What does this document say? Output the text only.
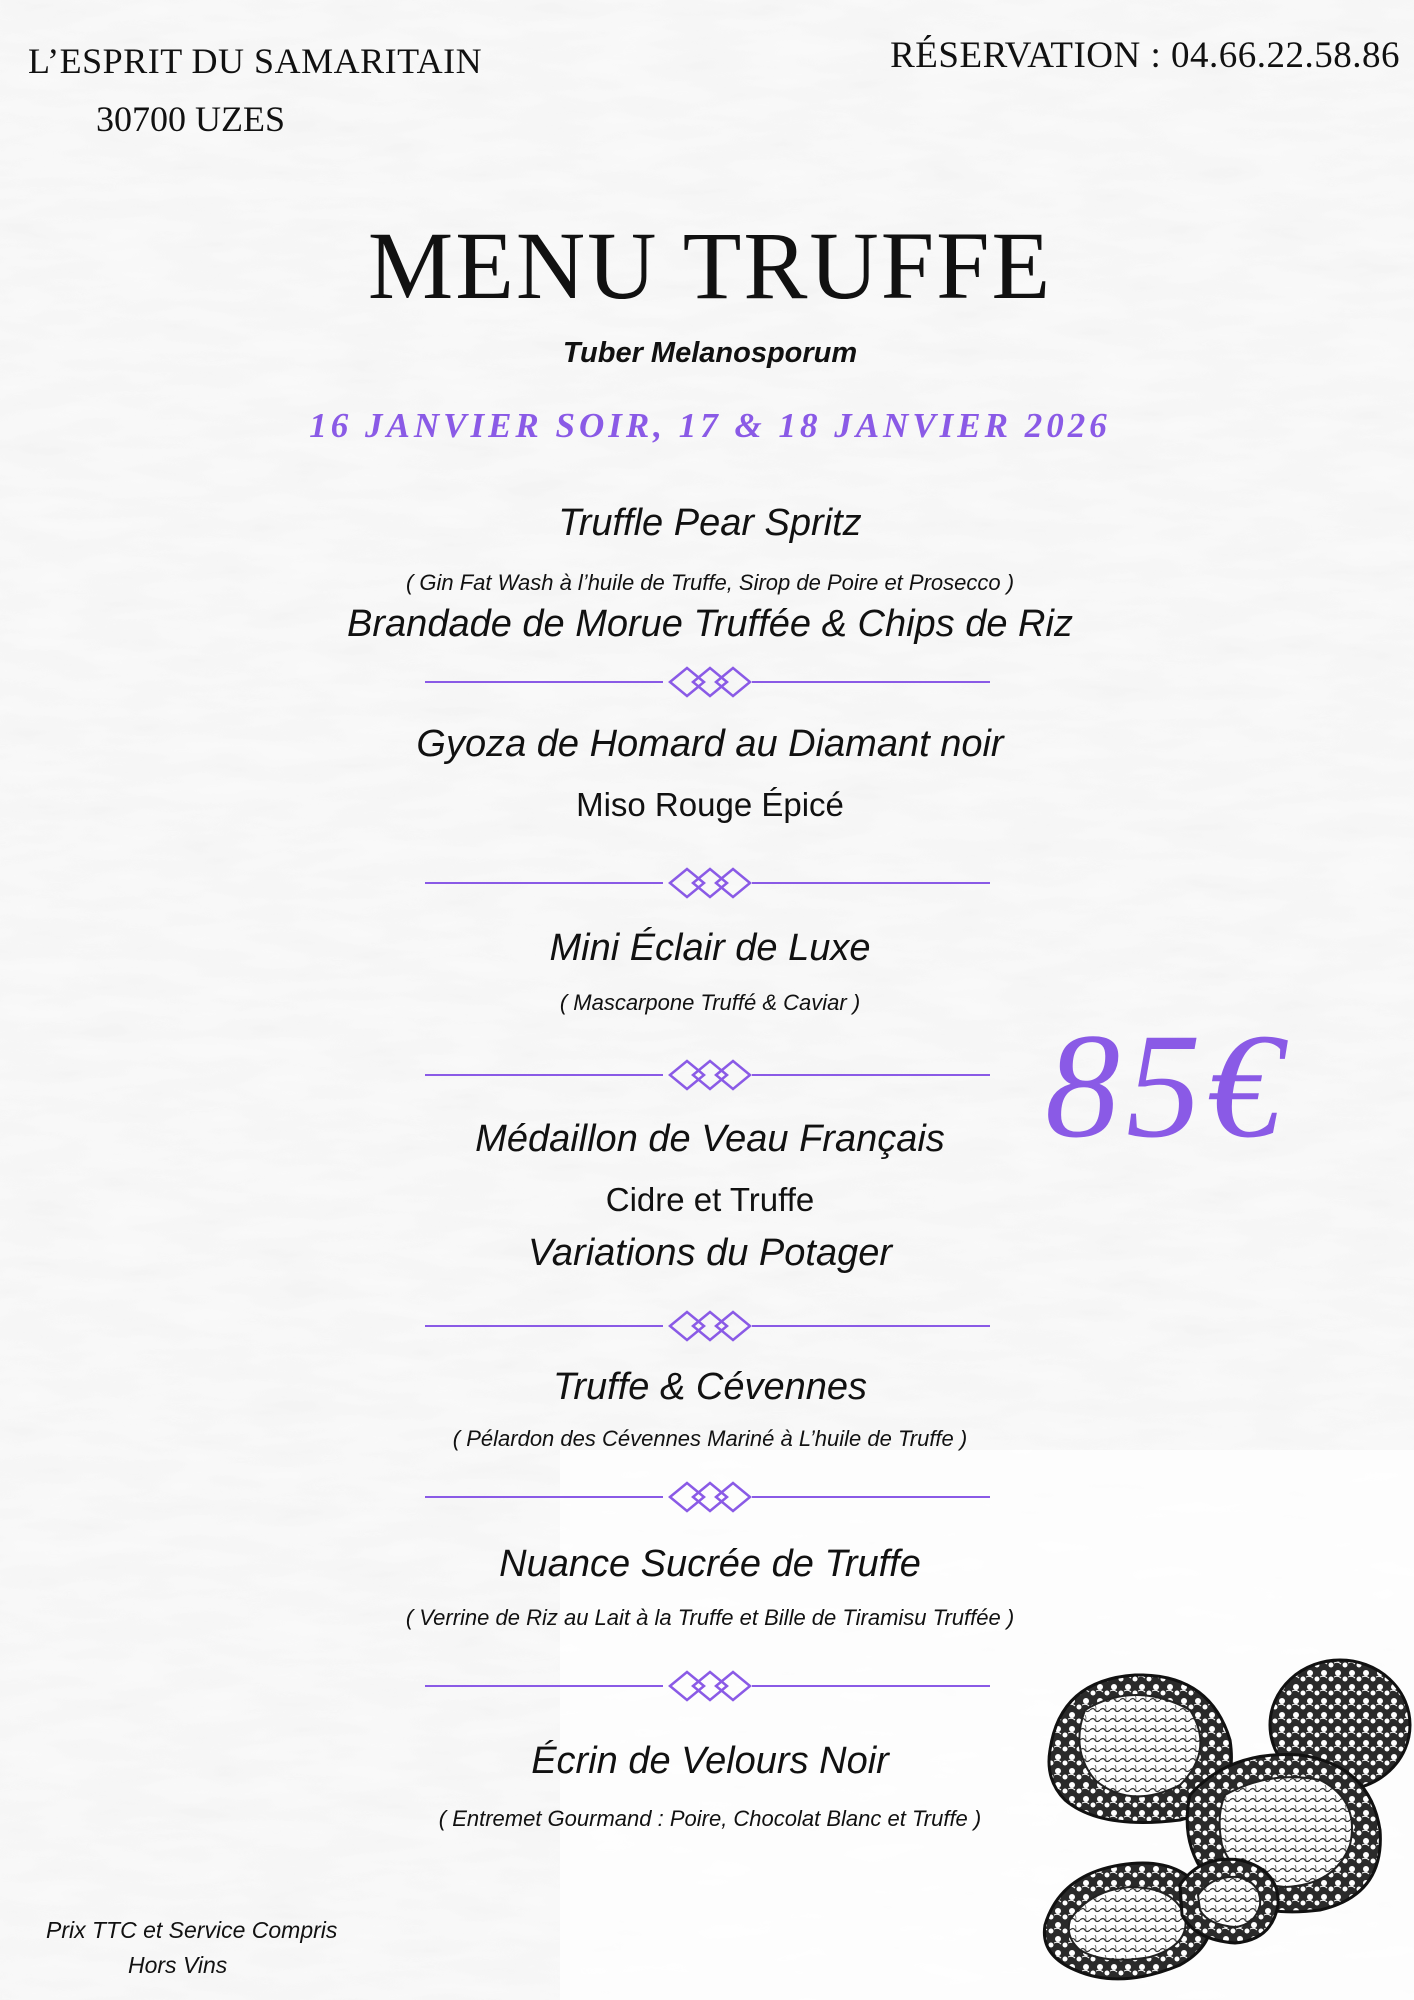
L’ESPRIT DU SAMARITAIN
30700 UZES
RÉSERVATION : 04.66.22.58.86
MENU TRUFFE
Tuber Melanosporum
16 JANVIER SOIR, 17 & 18 JANVIER 2026
Truffle Pear Spritz
( Gin Fat Wash à l’huile de Truffe, Sirop de Poire et Prosecco )
Brandade de Morue Truffée & Chips de Riz
Gyoza de Homard au Diamant noir
Miso Rouge Épicé
Mini Éclair de Luxe
( Mascarpone Truffé & Caviar )
Médaillon de Veau Français
Cidre et Truffe
Variations du Potager
Truffe & Cévennes
( Pélardon des Cévennes Mariné à L’huile de Truffe )
Nuance Sucrée de Truffe
( Verrine de Riz au Lait à la Truffe et Bille de Tiramisu Truffée )
Écrin de Velours Noir
( Entremet Gourmand : Poire, Chocolat Blanc et Truffe )
85€
Prix TTC et Service Compris
Hors Vins
